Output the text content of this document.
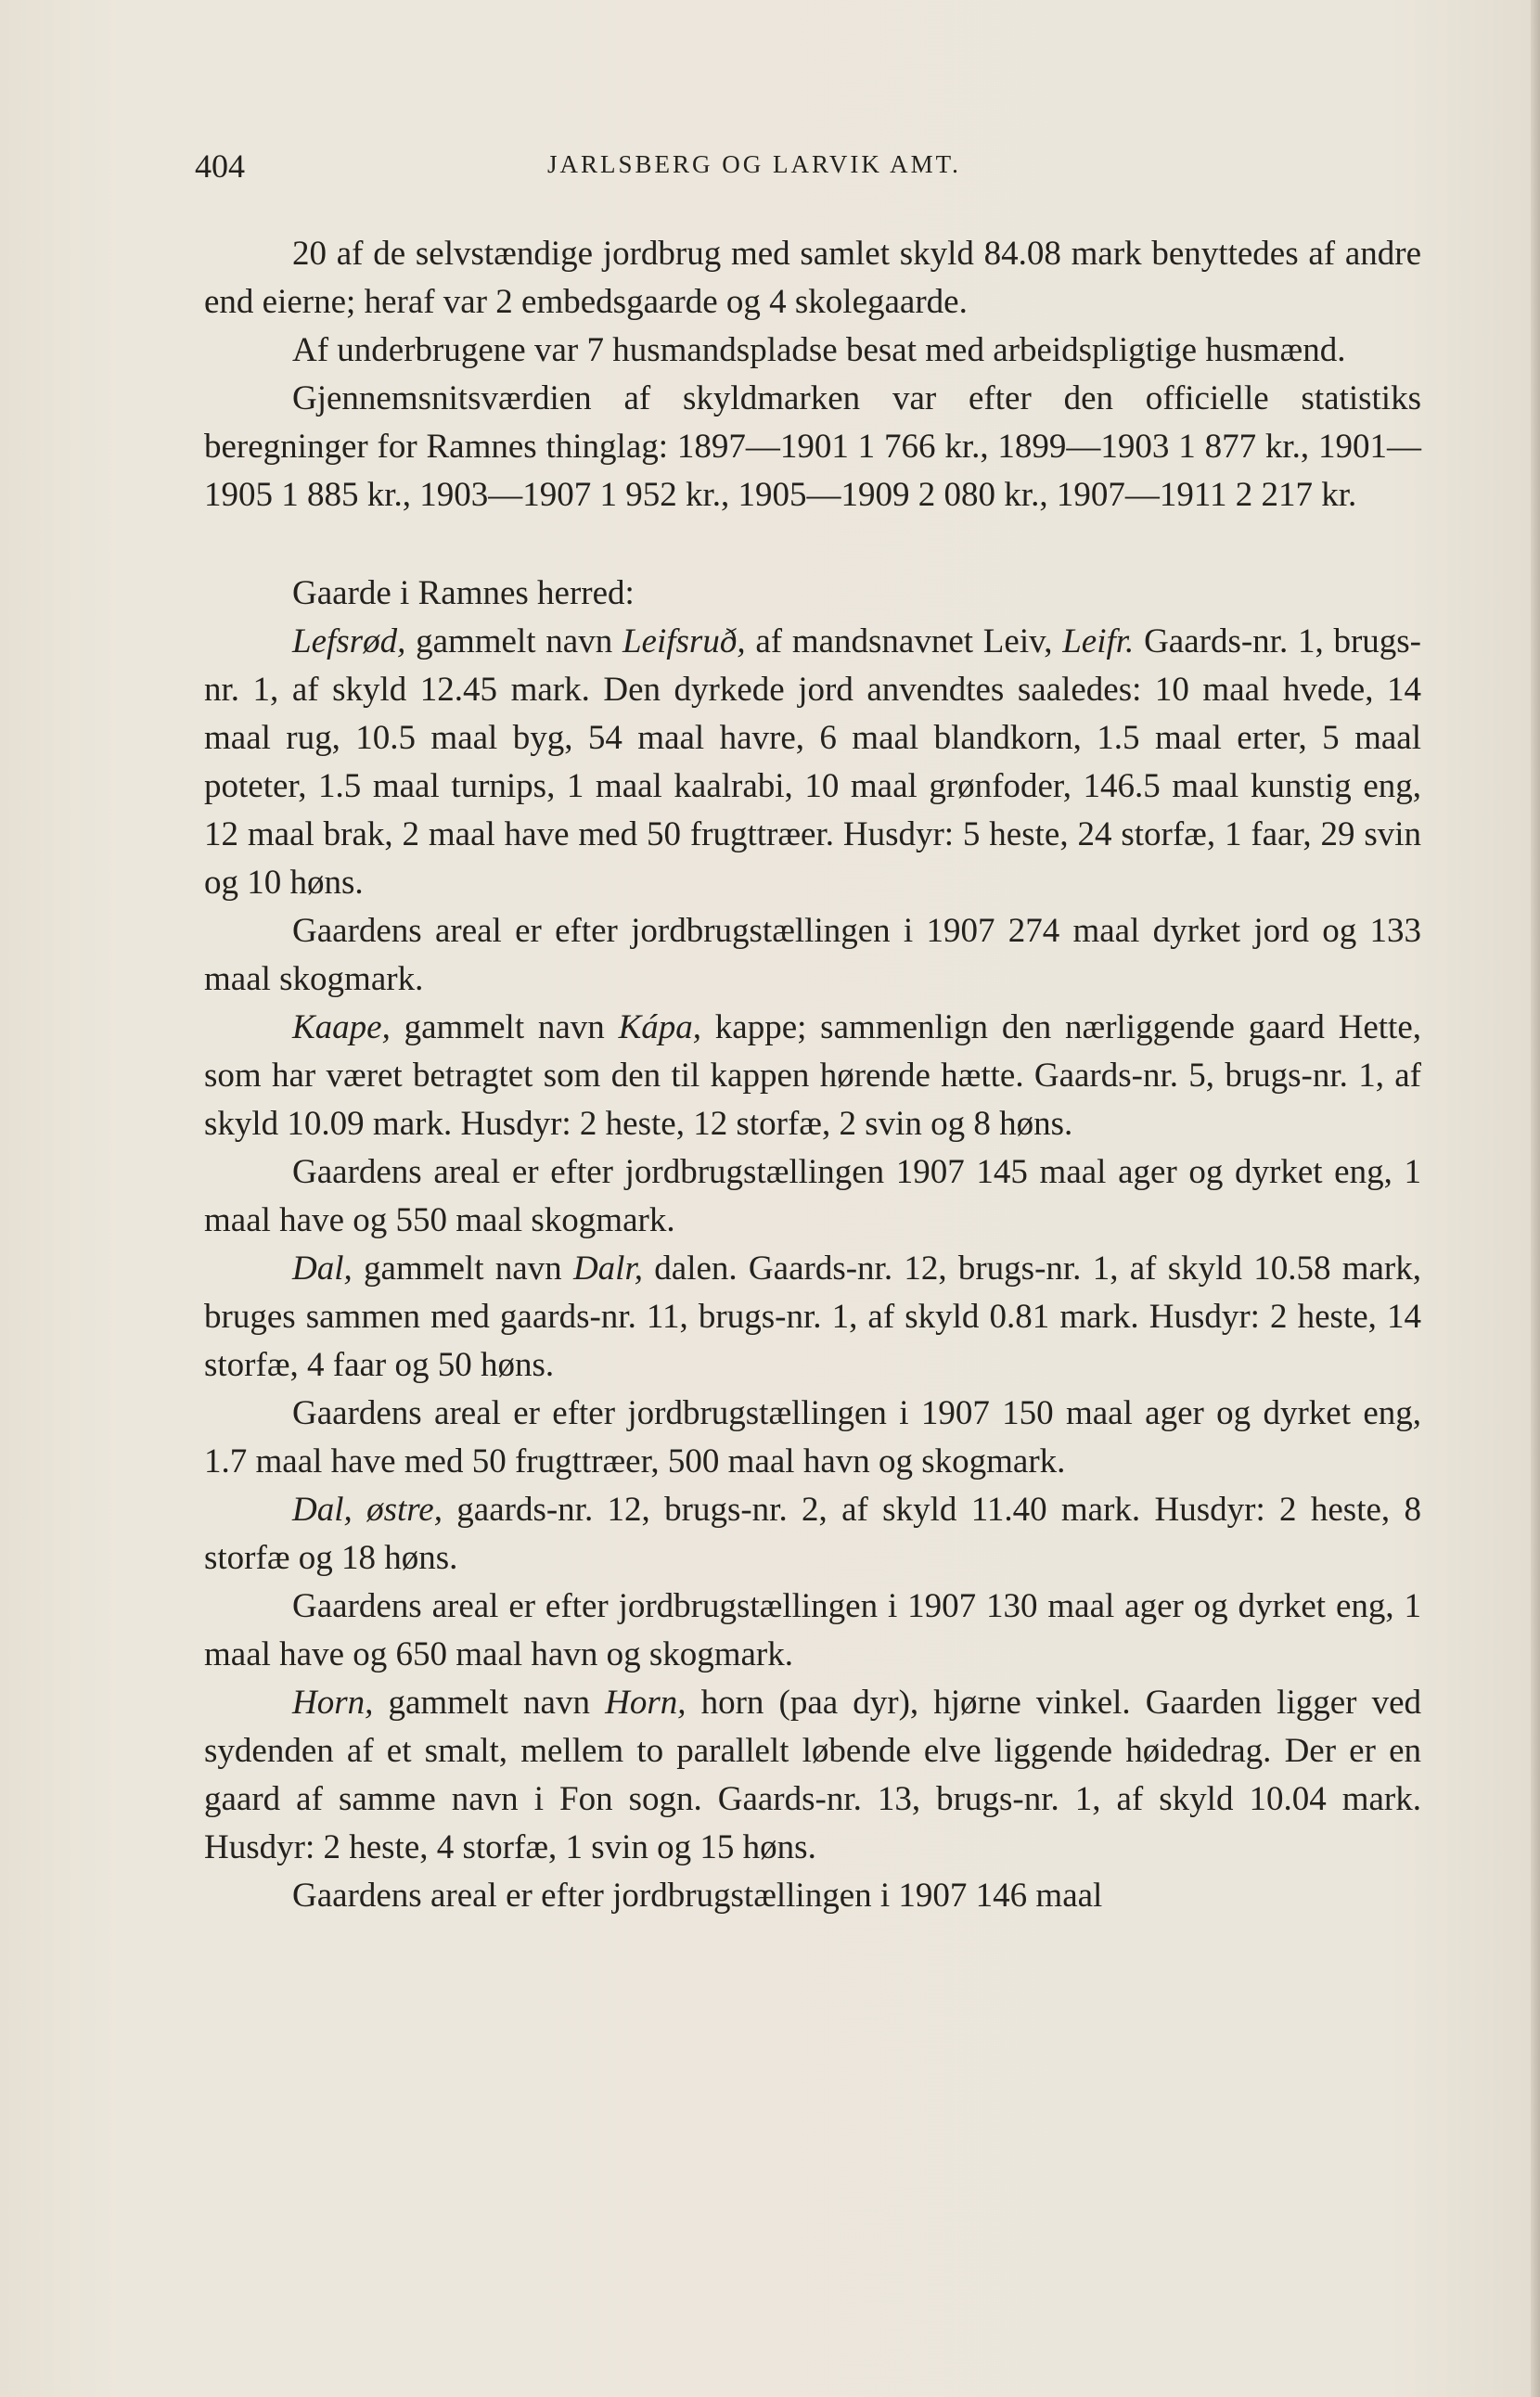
404	JARLSBERG OG LARVIK AMT.

20 af de selvstændige jordbrug med samlet skyld 84.08 mark benyttedes af andre end eierne; heraf var 2 embedsgaarde og 4 skolegaarde.

Af underbrugene var 7 husmandspladse besat med arbeidspligtige husmænd.

Gjennemsnitsværdien af skyldmarken var efter den officielle statistiks beregninger for Ramnes thinglag: 1897—1901 1 766 kr., 1899—1903 1 877 kr., 1901—1905 1 885 kr., 1903—1907 1 952 kr., 1905—1909 2 080 kr., 1907—1911 2 217 kr.

Gaarde i Ramnes herred:

Lefsrød, gammelt navn Leifsruð, af mandsnavnet Leiv, Leifr. Gaards-nr. 1, brugs-nr. 1, af skyld 12.45 mark. Den dyrkede jord anvendtes saaledes: 10 maal hvede, 14 maal rug, 10.5 maal byg, 54 maal havre, 6 maal blandkorn, 1.5 maal erter, 5 maal poteter, 1.5 maal turnips, 1 maal kaalrabi, 10 maal grønfoder, 146.5 maal kunstig eng, 12 maal brak, 2 maal have med 50 frugttræer. Husdyr: 5 heste, 24 storfæ, 1 faar, 29 svin og 10 høns.

Gaardens areal er efter jordbrugstællingen i 1907 274 maal dyrket jord og 133 maal skogmark.

Kaape, gammelt navn Kápa, kappe; sammenlign den nærliggende gaard Hette, som har været betragtet som den til kappen hørende hætte. Gaards-nr. 5, brugs-nr. 1, af skyld 10.09 mark. Husdyr: 2 heste, 12 storfæ, 2 svin og 8 høns.

Gaardens areal er efter jordbrugstællingen 1907 145 maal ager og dyrket eng, 1 maal have og 550 maal skogmark.

Dal, gammelt navn Dalr, dalen. Gaards-nr. 12, brugs-nr. 1, af skyld 10.58 mark, bruges sammen med gaards-nr. 11, brugs-nr. 1, af skyld 0.81 mark. Husdyr: 2 heste, 14 storfæ, 4 faar og 50 høns.

Gaardens areal er efter jordbrugstællingen i 1907 150 maal ager og dyrket eng, 1.7 maal have med 50 frugttræer, 500 maal havn og skogmark.

Dal, østre, gaards-nr. 12, brugs-nr. 2, af skyld 11.40 mark. Husdyr: 2 heste, 8 storfæ og 18 høns.

Gaardens areal er efter jordbrugstællingen i 1907 130 maal ager og dyrket eng, 1 maal have og 650 maal havn og skogmark.

Horn, gammelt navn Horn, horn (paa dyr), hjørne vinkel. Gaarden ligger ved sydenden af et smalt, mellem to parallelt løbende elve liggende høidedrag. Der er en gaard af samme navn i Fon sogn. Gaards-nr. 13, brugs-nr. 1, af skyld 10.04 mark. Husdyr: 2 heste, 4 storfæ, 1 svin og 15 høns.

Gaardens areal er efter jordbrugstællingen i 1907 146 maal
